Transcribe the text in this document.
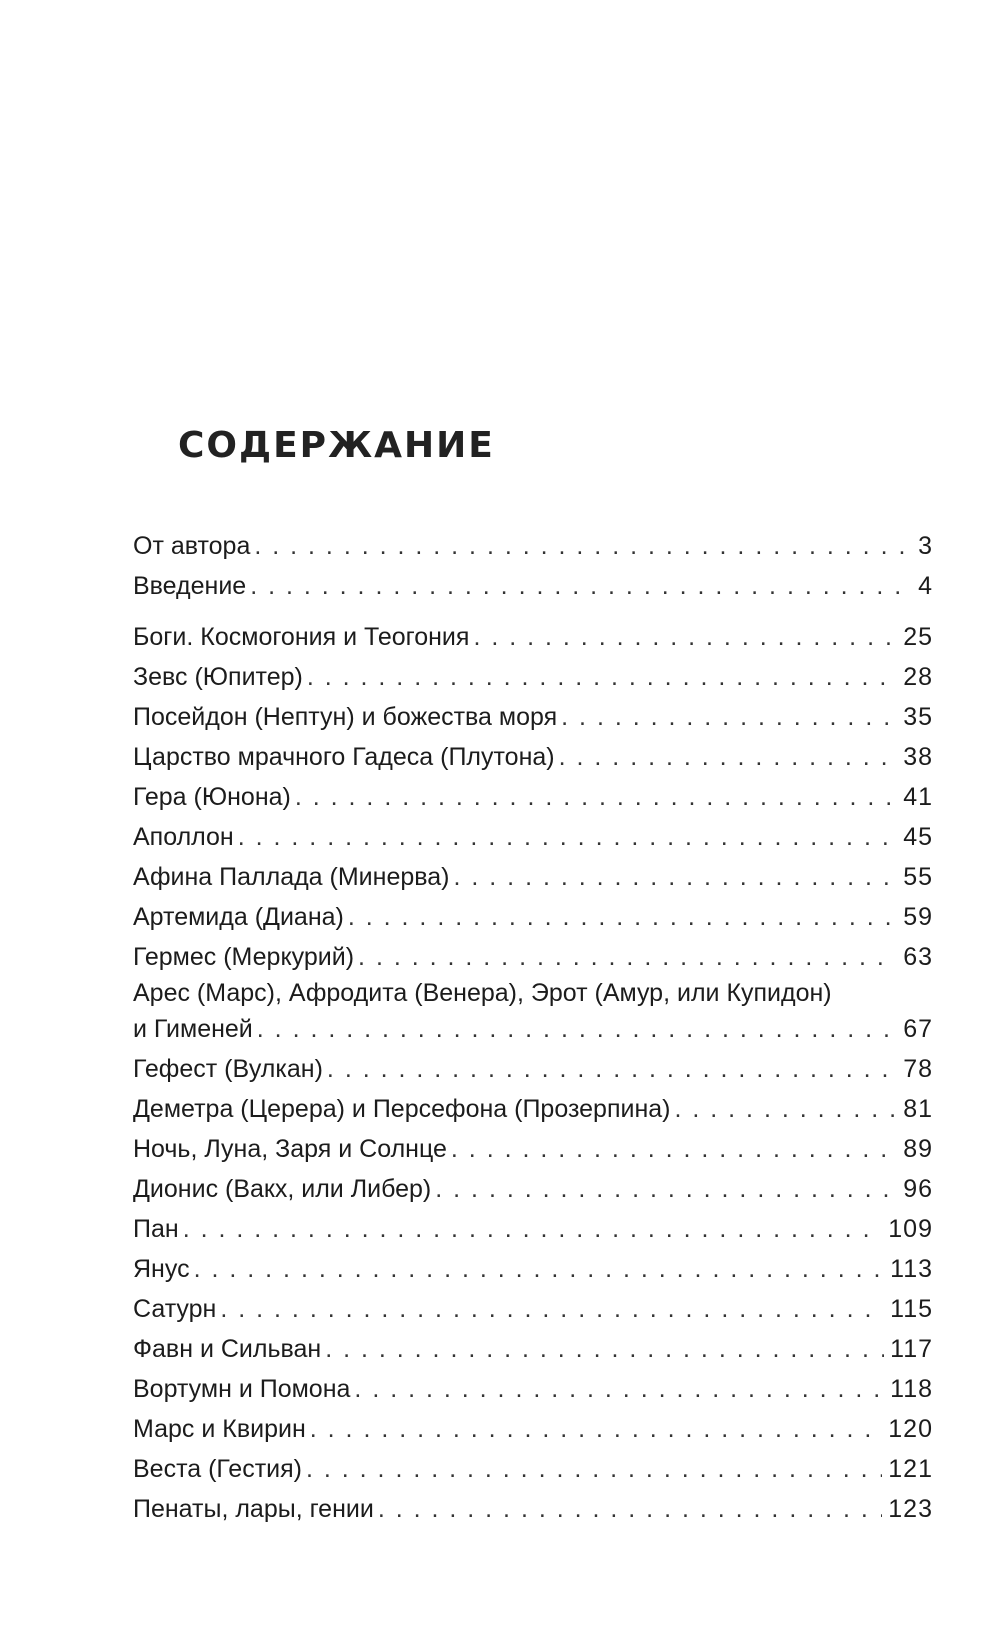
СОДЕРЖАНИЕ
От автора . . .	3
Введение . . .	4
Боги. Космогония и Теогония . . .	25
Зевс (Юпитер) . . .	28
Посейдон (Нептун) и божества моря . . .	35
Царство мрачного Гадеса (Плутона) . . .	38
Гера (Юнона) . . .	41
Аполлон . . .	45
Афина Паллада (Минерва) . . .	55
Артемида (Диана) . . .	59
Гермес (Меркурий) . . .	63
Арес (Марс), Афродита (Венера), Эрот (Амур, или Купидон)
и Гименей . . .	67
Гефест (Вулкан) . . .	78
Деметра (Церера) и Персефона (Прозерпина) . . .	81
Ночь, Луна, Заря и Солнце . . .	89
Дионис (Вакх, или Либер) . . .	96
Пан . . .	109
Янус . . .	113
Сатурн . . .	115
Фавн и Сильван . . .	117
Вортумн и Помона . . .	118
Марс и Квирин . . .	120
Веста (Гестия) . . .	121
Пенаты, лары, гении . . .	123
